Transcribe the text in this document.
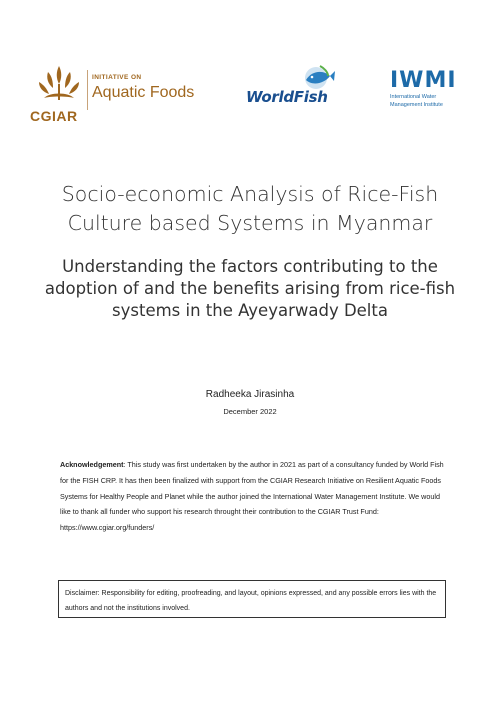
INITIATIVE ON
Aquatic Foods
CGIAR
WorldFish
IWMI
International Water
Management Institute
Socio-economic Analysis of Rice-Fish Culture based Systems in Myanmar
Understanding the factors contributing to the adoption of and the benefits arising from rice-fish systems in the Ayeyarwady Delta
Radheeka Jirasinha
December 2022
Acknowledgement: This study was first undertaken by the author in 2021 as part of a consultancy funded by World Fish for the FISH CRP. It has then been finalized with support from the CGIAR Research Initiative on Resilient Aquatic Foods Systems for Healthy People and Planet while the author joined the International Water Management Institute. We would like to thank all funder who support his research throught their contribution to the CGIAR Trust Fund: https://www.cgiar.org/funders/
Disclaimer: Responsibility for editing, proofreading, and layout, opinions expressed, and any possible errors lies with the authors and not the institutions involved.
